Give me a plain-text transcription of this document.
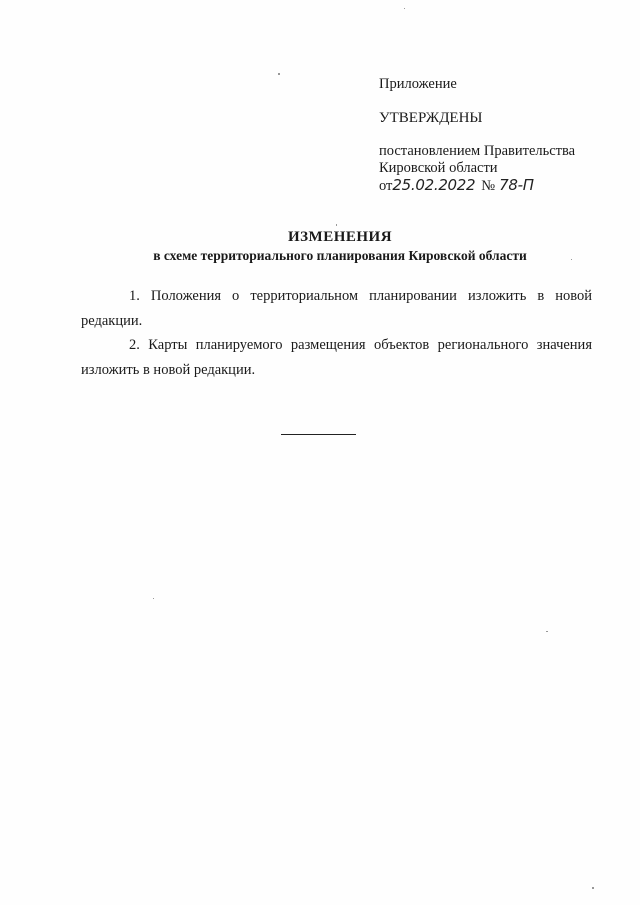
Приложение

УТВЕРЖДЕНЫ

постановлением Правительства Кировской области

от25.02.2022 № 78-П

ИЗМЕНЕНИЯ
в схеме территориального планирования Кировской области

1. Положения о территориальном планировании изложить в новой редакции.

2. Карты планируемого размещения объектов регионального значения изложить в новой редакции.
